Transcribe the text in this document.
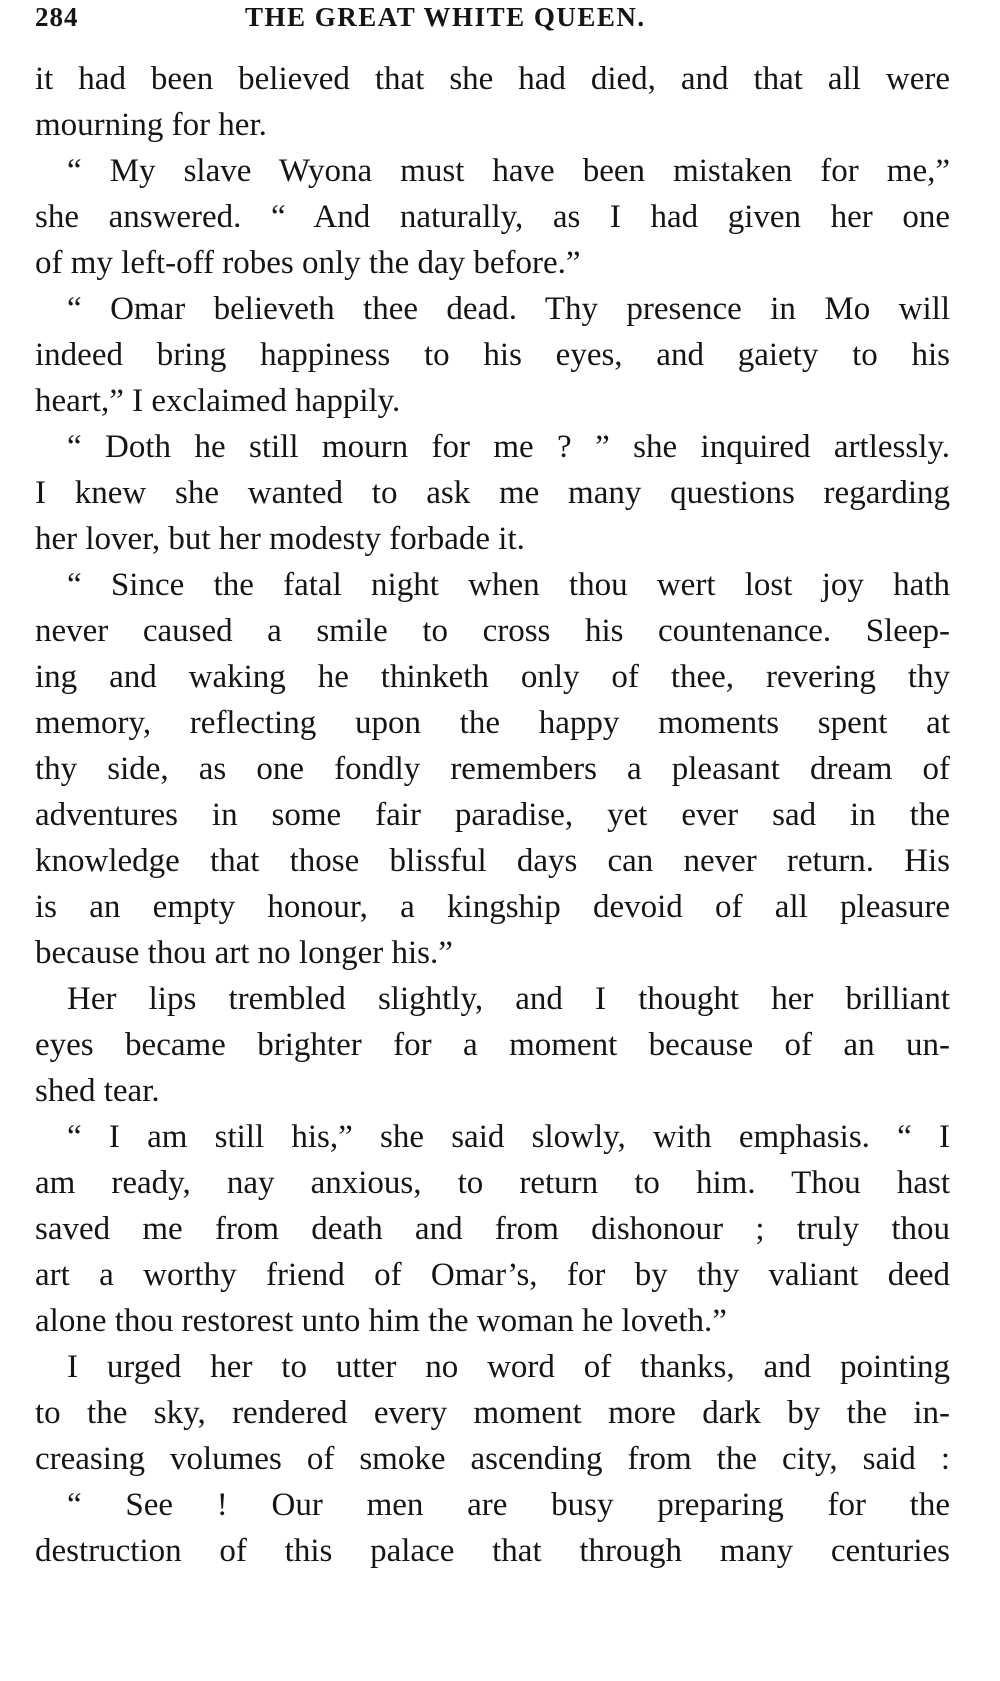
284	THE GREAT WHITE QUEEN.
it had been believed that she had died, and that all were
mourning for her.
“ My slave Wyona must have been mistaken for me,”
she answered. “ And naturally, as I had given her one
of my left-off robes only the day before.”
“ Omar believeth thee dead. Thy presence in Mo will
indeed bring happiness to his eyes, and gaiety to his
heart,” I exclaimed happily.
“ Doth he still mourn for me ? ” she inquired artlessly.
I knew she wanted to ask me many questions regarding
her lover, but her modesty forbade it.
“ Since the fatal night when thou wert lost joy hath
never caused a smile to cross his countenance. Sleep-
ing and waking he thinketh only of thee, revering thy
memory, reflecting upon the happy moments spent at
thy side, as one fondly remembers a pleasant dream of
adventures in some fair paradise, yet ever sad in the
knowledge that those blissful days can never return. His
is an empty honour, a kingship devoid of all pleasure
because thou art no longer his.”
Her lips trembled slightly, and I thought her brilliant
eyes became brighter for a moment because of an un-
shed tear.
“ I am still his,” she said slowly, with emphasis. “ I
am ready, nay anxious, to return to him. Thou hast
saved me from death and from dishonour ; truly thou
art a worthy friend of Omar’s, for by thy valiant deed
alone thou restorest unto him the woman he loveth.”
I urged her to utter no word of thanks, and pointing
to the sky, rendered every moment more dark by the in-
creasing volumes of smoke ascending from the city, said :
“ See ! Our men are busy preparing for the
destruction of this palace that through many centuries
